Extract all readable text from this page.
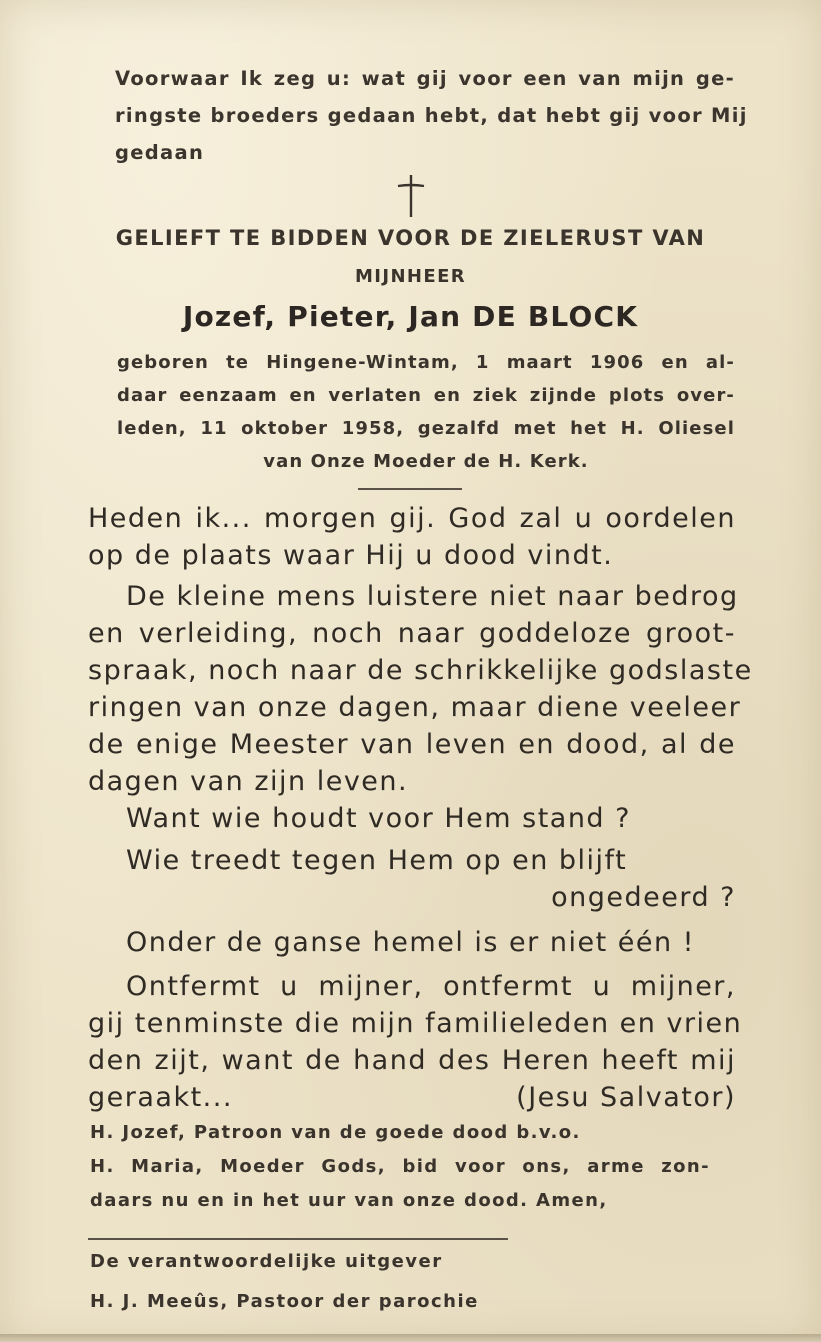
Voorwaar Ik zeg u: wat gij voor een van mijn ge-
ringste broeders gedaan hebt, dat hebt gij voor Mij
gedaan
GELIEFT TE BIDDEN VOOR DE ZIELERUST VAN
MIJNHEER
Jozef, Pieter, Jan DE BLOCK
geboren te Hingene-Wintam, 1 maart 1906 en al-
daar eenzaam en verlaten en ziek zijnde plots over-
leden, 11 oktober 1958, gezalfd met het H. Oliesel
van Onze Moeder de H. Kerk.
Heden ik... morgen gij. God zal u oordelen
op de plaats waar Hij u dood vindt.
De kleine mens luistere niet naar bedrog
en verleiding, noch naar goddeloze groot-
spraak, noch naar de schrikkelijke godslaste
ringen van onze dagen, maar diene veeleer
de enige Meester van leven en dood, al de
dagen van zijn leven.
Want wie houdt voor Hem stand ?
Wie treedt tegen Hem op en blijft
ongedeerd ?
Onder de ganse hemel is er niet één !
Ontfermt u mijner, ontfermt u mijner,
gij tenminste die mijn familieleden en vrien
den zijt, want de hand des Heren heeft mij
geraakt...	(Jesu Salvator)
H. Jozef, Patroon van de goede dood b.v.o.
H. Maria, Moeder Gods, bid voor ons, arme zon-
daars nu en in het uur van onze dood. Amen,
De verantwoordelijke uitgever
H. J. Meeûs, Pastoor der parochie
